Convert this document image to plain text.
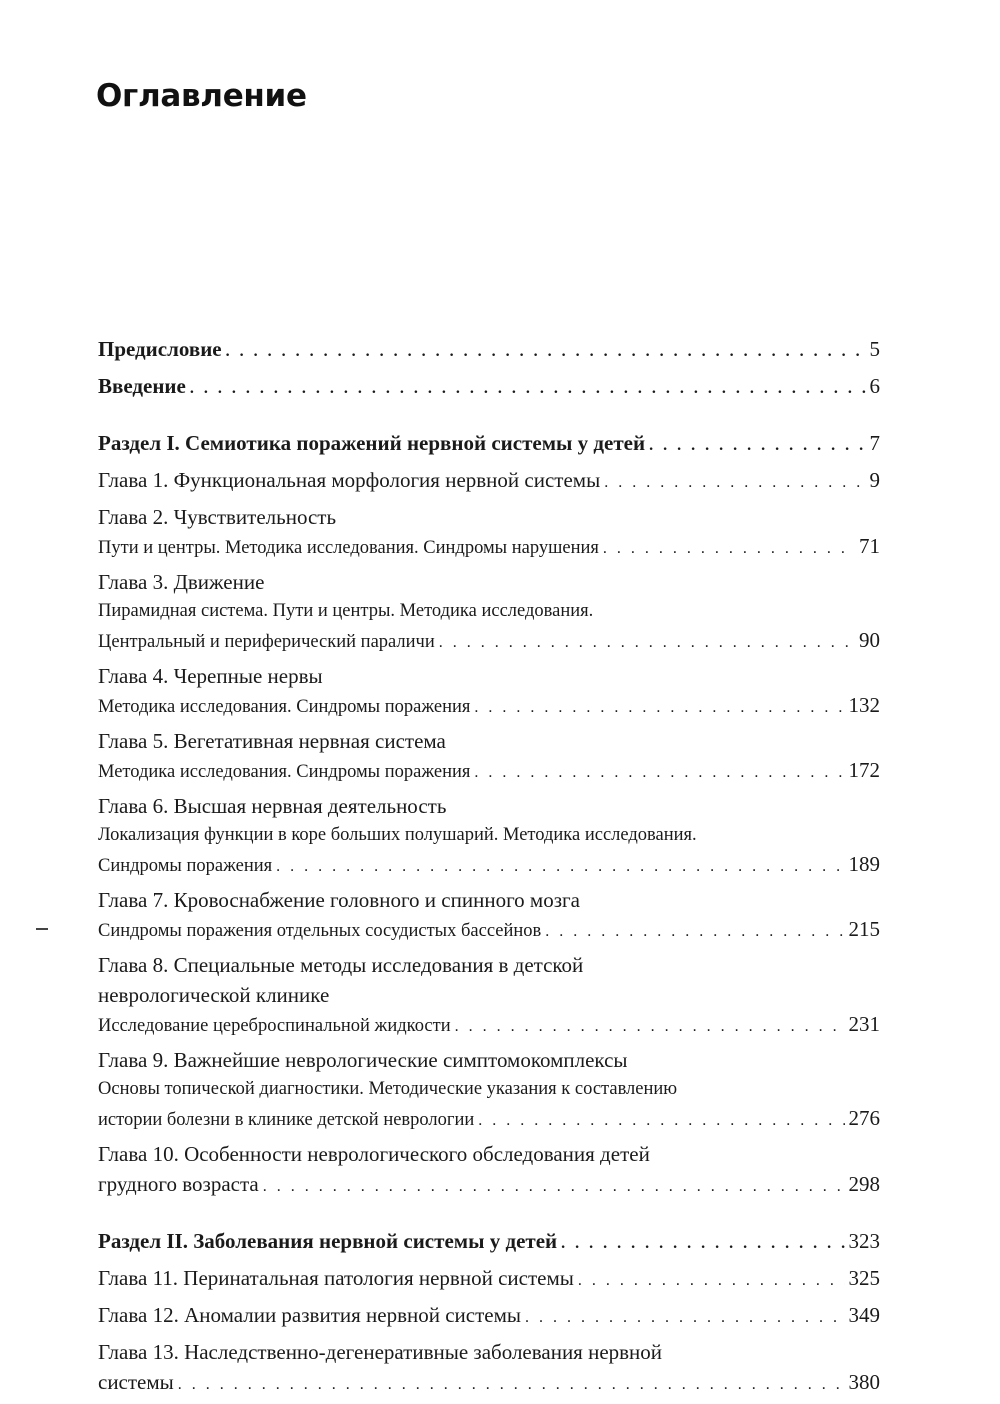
Оглавление
Предисловие . . .	5
Введение . . .	6
Раздел I. Семиотика поражений нервной системы у детей . . .	7
Глава 1. Функциональная морфология нервной системы . . .	9
Глава 2. Чувствительность
Пути и центры. Методика исследования. Синдромы нарушения . . .	71
Глава 3. Движение
Пирамидная система. Пути и центры. Методика исследования.
Центральный и периферический параличи . . .	90
Глава 4. Черепные нервы
Методика исследования. Синдромы поражения . . .	132
Глава 5. Вегетативная нервная система
Методика исследования. Синдромы поражения . . .	172
Глава 6. Высшая нервная деятельность
Локализация функции в коре больших полушарий. Методика исследования.
Синдромы поражения . . .	189
Глава 7. Кровоснабжение головного и спинного мозга
Синдромы поражения отдельных сосудистых бассейнов . . .	215
Глава 8. Специальные методы исследования в детской
неврологической клинике
Исследование цереброспинальной жидкости . . .	231
Глава 9. Важнейшие неврологические симптомокомплексы
Основы топической диагностики. Методические указания к составлению
истории болезни в клинике детской неврологии . . .	276
Глава 10. Особенности неврологического обследования детей
грудного возраста . . .	298
Раздел II. Заболевания нервной системы у детей . . .	323
Глава 11. Перинатальная патология нервной системы . . .	325
Глава 12. Аномалии развития нервной системы . . .	349
Глава 13. Наследственно-дегенеративные заболевания нервной
системы . . .	380
